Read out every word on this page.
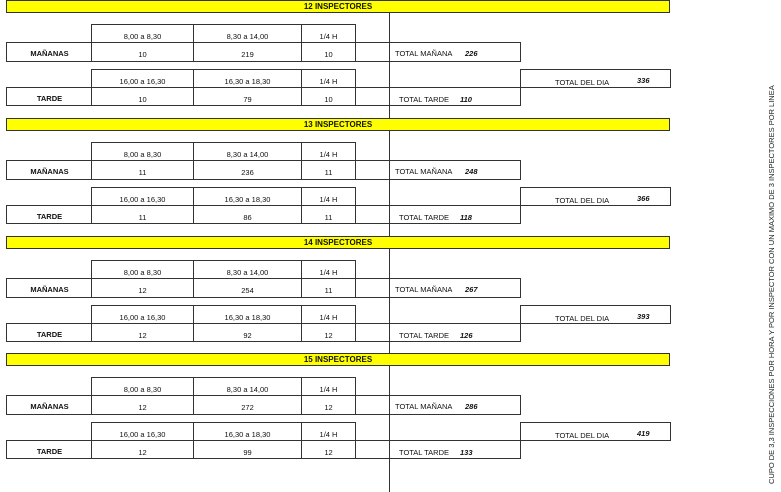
CUPO DE 3,3 INSPECCIONES POR HORA Y POR INSPECTOR CON UN MAXIMO DE 3 INSPECTORES POR LINEA
12 INSPECTORES
8,00 a 8,30	8,30 a 14,00	1/4 H
MAÑANAS	10	219	10	TOTAL MAÑANA 226
16,00 a 16,30	16,30 a 18,30	1/4 H	TOTAL DEL DIA	336
TARDE	10	79	10	TOTAL TARDE 110
13 INSPECTORES
8,00 a 8,30	8,30 a 14,00	1/4 H
MAÑANAS	11	236	11	TOTAL MAÑANA 248
16,00 a 16,30	16,30 a 18,30	1/4 H	TOTAL DEL DIA	366
TARDE	11	86	11	TOTAL TARDE 118
14 INSPECTORES
8,00 a 8,30	8,30 a 14,00	1/4 H
MAÑANAS	12	254	11	TOTAL MAÑANA 267
16,00 a 16,30	16,30 a 18,30	1/4 H	TOTAL DEL DIA	393
TARDE	12	92	12	TOTAL TARDE 126
15 INSPECTORES
8,00 a 8,30	8,30 a 14,00	1/4 H
MAÑANAS	12	272	12	TOTAL MAÑANA 286
16,00 a 16,30	16,30 a 18,30	1/4 H	TOTAL DEL DIA	419
TARDE	12	99	12	TOTAL TARDE 133
